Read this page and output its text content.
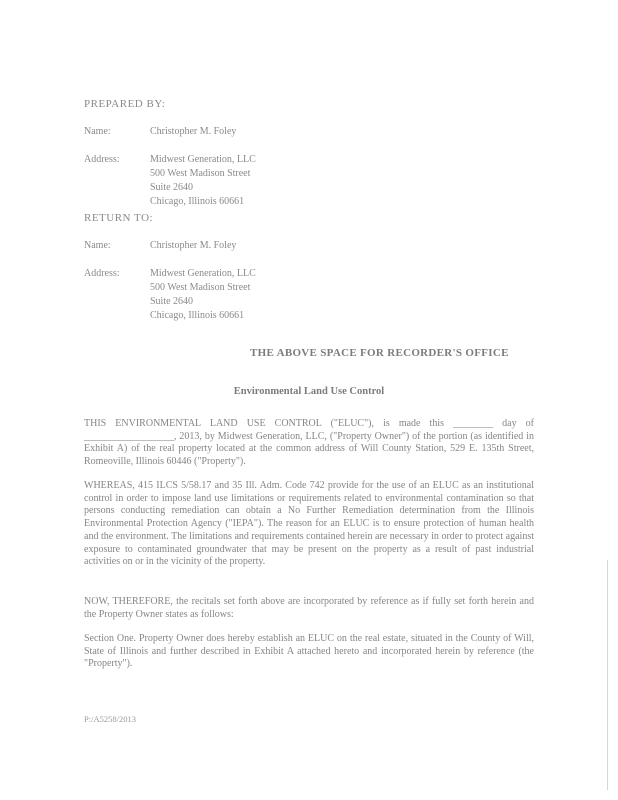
PREPARED BY:
Name:	Christopher M. Foley
Address:	Midwest Generation, LLC
500 West Madison Street
Suite 2640
Chicago, Illinois 60661
RETURN TO:
Name:	Christopher M. Foley
Address:	Midwest Generation, LLC
500 West Madison Street
Suite 2640
Chicago, Illinois 60661
THE ABOVE SPACE FOR RECORDER'S OFFICE
Environmental Land Use Control
THIS ENVIRONMENTAL LAND USE CONTROL ("ELUC"), is made this ________ day of __________________, 2013, by Midwest Generation, LLC, ("Property Owner") of the portion (as identified in Exhibit A) of the real property located at the common address of Will County Station, 529 E. 135th Street, Romeoville, Illinois 60446 ("Property").
WHEREAS, 415 ILCS 5/58.17 and 35 Ill. Adm. Code 742 provide for the use of an ELUC as an institutional control in order to impose land use limitations or requirements related to environmental contamination so that persons conducting remediation can obtain a No Further Remediation determination from the Illinois Environmental Protection Agency ("IEPA"). The reason for an ELUC is to ensure protection of human health and the environment. The limitations and requirements contained herein are necessary in order to protect against exposure to contaminated groundwater that may be present on the property as a result of past industrial activities on or in the vicinity of the property.
NOW, THEREFORE, the recitals set forth above are incorporated by reference as if fully set forth herein and the Property Owner states as follows:
Section One. Property Owner does hereby establish an ELUC on the real estate, situated in the County of Will, State of Illinois and further described in Exhibit A attached hereto and incorporated herein by reference (the "Property").
P:/A5258/2013
